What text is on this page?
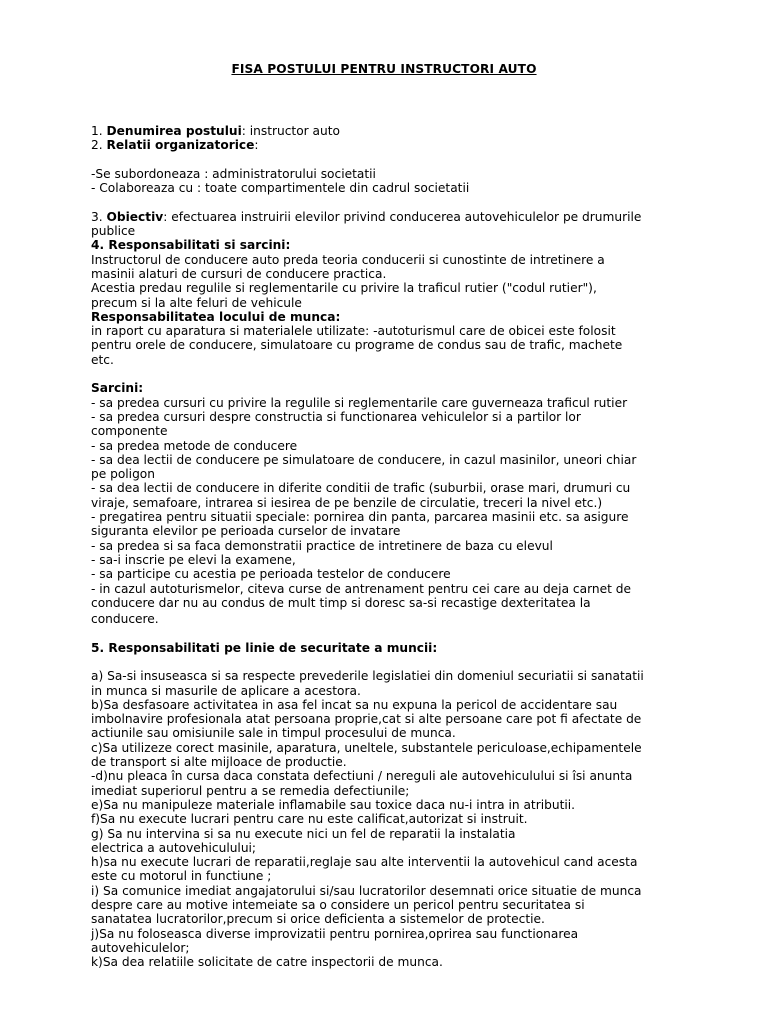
FISA POSTULUI PENTRU INSTRUCTORI AUTO
1. Denumirea postului: instructor auto
2. Relatii organizatorice:
-Se subordoneaza : administratorului societatii
- Colaboreaza cu : toate compartimentele din cadrul societatii
3. Obiectiv: efectuarea instruirii elevilor privind conducerea autovehiculelor pe drumurile
publice
4. Responsabilitati si sarcini:
Instructorul de conducere auto preda teoria conducerii si cunostinte de intretinere a
masinii alaturi de cursuri de conducere practica.
Acestia predau regulile si reglementarile cu privire la traficul rutier ("codul rutier"),
precum si la alte feluri de vehicule
Responsabilitatea locului de munca:
in raport cu aparatura si materialele utilizate: -autoturismul care de obicei este folosit
pentru orele de conducere, simulatoare cu programe de condus sau de trafic, machete
etc.
Sarcini:
- sa predea cursuri cu privire la regulile si reglementarile care guverneaza traficul rutier
- sa predea cursuri despre constructia si functionarea vehiculelor si a partilor lor
componente
- sa predea metode de conducere
- sa dea lectii de conducere pe simulatoare de conducere, in cazul masinilor, uneori chiar
pe poligon
- sa dea lectii de conducere in diferite conditii de trafic (suburbii, orase mari, drumuri cu
viraje, semafoare, intrarea si iesirea de pe benzile de circulatie, treceri la nivel etc.)
- pregatirea pentru situatii speciale: pornirea din panta, parcarea masinii etc. sa asigure
siguranta elevilor pe perioada curselor de invatare
- sa predea si sa faca demonstratii practice de intretinere de baza cu elevul
- sa-i inscrie pe elevi la examene,
- sa participe cu acestia pe perioada testelor de conducere
- in cazul autoturismelor, citeva curse de antrenament pentru cei care au deja carnet de
conducere dar nu au condus de mult timp si doresc sa-si recastige dexteritatea la
conducere.
5. Responsabilitati pe linie de securitate a muncii:
a) Sa-si insuseasca si sa respecte prevederile legislatiei din domeniul securiatii si sanatatii
in munca si masurile de aplicare a acestora.
b)Sa desfasoare activitatea in asa fel incat sa nu expuna la pericol de accidentare sau
imbolnavire profesionala atat persoana proprie,cat si alte persoane care pot fi afectate de
actiunile sau omisiunile sale in timpul procesului de munca.
c)Sa utilizeze corect masinile, aparatura, uneltele, substantele periculoase,echipamentele
de transport si alte mijloace de productie.
-d)nu pleaca în cursa daca constata defectiuni / nereguli ale autovehiculului si îsi anunta
imediat superiorul pentru a se remedia defectiunile;
e)Sa nu manipuleze materiale inflamabile sau toxice daca nu-i intra in atributii.
f)Sa nu execute lucrari pentru care nu este calificat,autorizat si instruit.
g) Sa nu intervina si sa nu execute nici un fel de reparatii la instalatia
electrica a autovehiculului;
h)sa nu execute lucrari de reparatii,reglaje sau alte interventii la autovehicul cand acesta
este cu motorul in functiune ;
i) Sa comunice imediat angajatorului si/sau lucratorilor desemnati orice situatie de munca
despre care au motive intemeiate sa o considere un pericol pentru securitatea si
sanatatea lucratorilor,precum si orice deficienta a sistemelor de protectie.
j)Sa nu foloseasca diverse improvizatii pentru pornirea,oprirea sau functionarea
autovehiculelor;
k)Sa dea relatiile solicitate de catre inspectorii de munca.
